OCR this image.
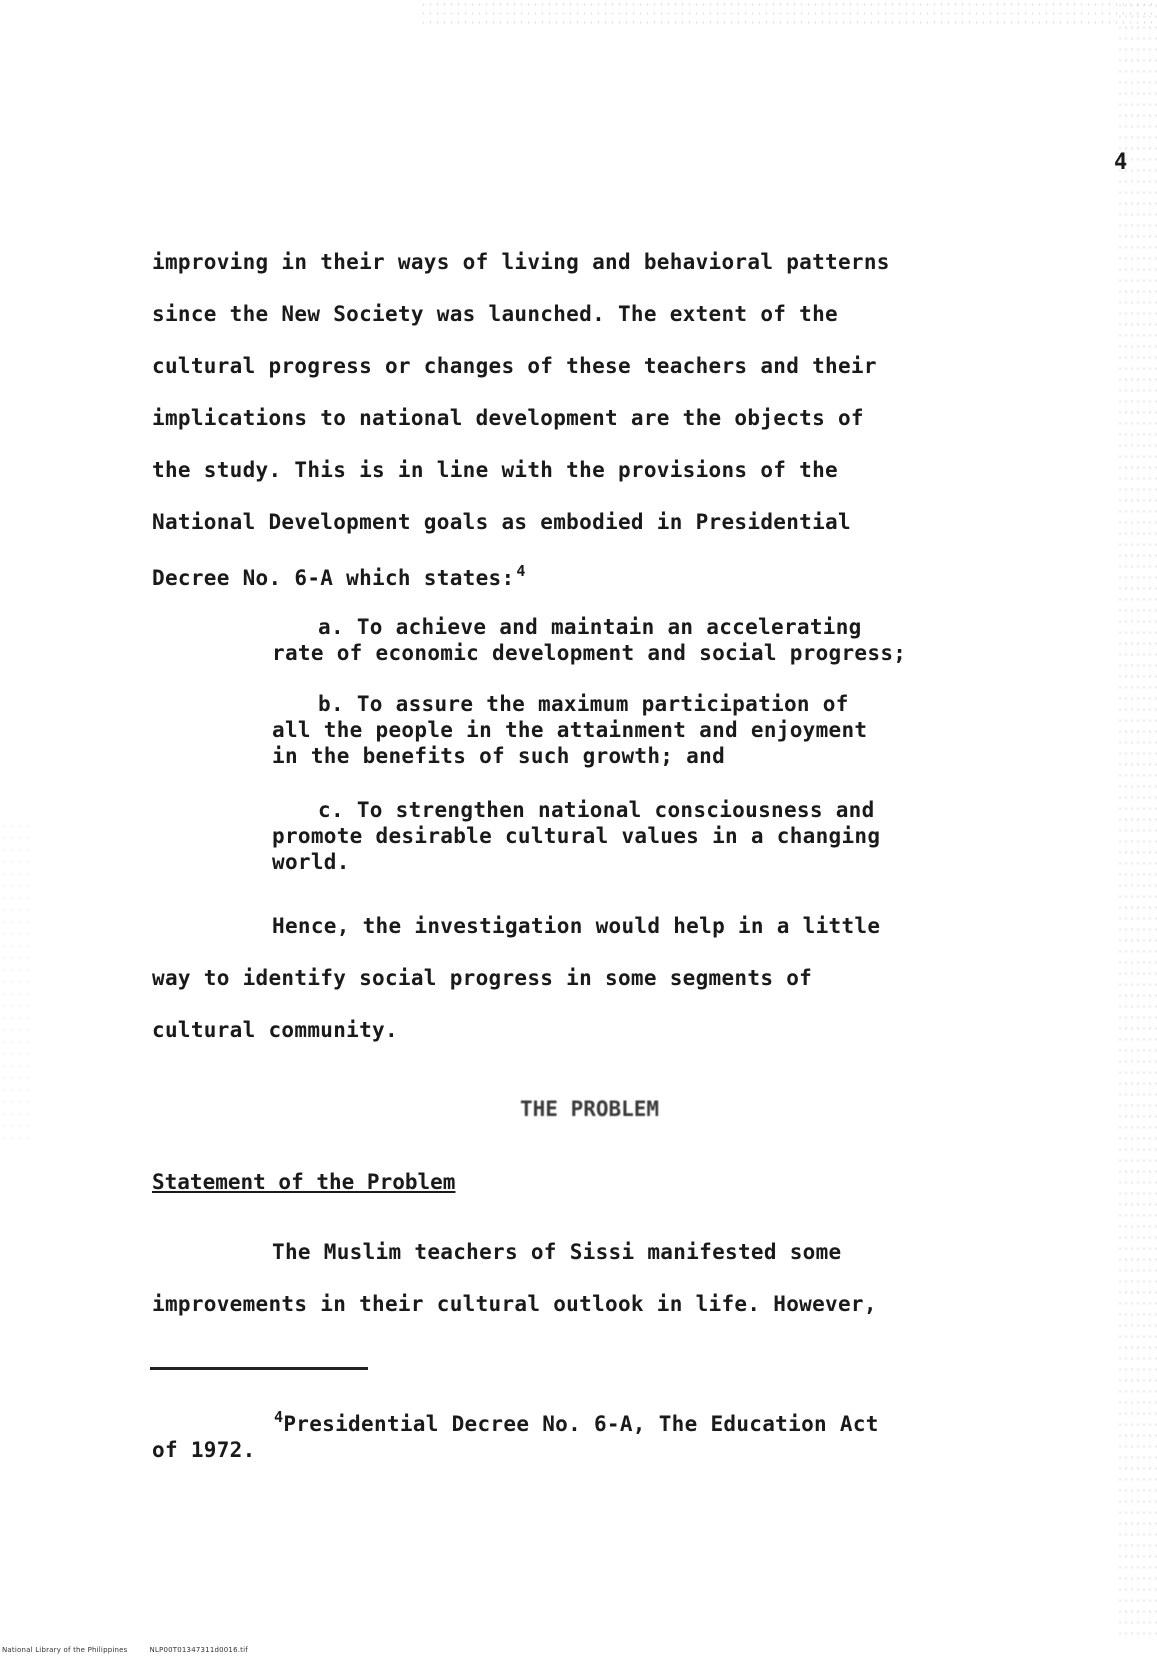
4
improving in their ways of living and behavioral patterns
since the New Society was launched. The extent of the
cultural progress or changes of these teachers and their
implications to national development are the objects of
the study. This is in line with the provisions of the
National Development goals as embodied in Presidential
Decree No. 6-A which states: $^4$
a. To achieve and maintain an accelerating
rate of economic development and social progress;
b. To assure the maximum participation of
all the people in the attainment and enjoyment
in the benefits of such growth; and
c. To strengthen national consciousness and
promote desirable cultural values in a changing
world.
Hence, the investigation would help in a little
way to identify social progress in some segments of
cultural community.
THE PROBLEM
Statement of the Problem
The Muslim teachers of Sissi manifested some
improvements in their cultural outlook in life. However,
$^4$Presidential Decree No. 6-A, The Education Act
of 1972.
National Library of the Philippines	NLP00T01347311d0016.tif
